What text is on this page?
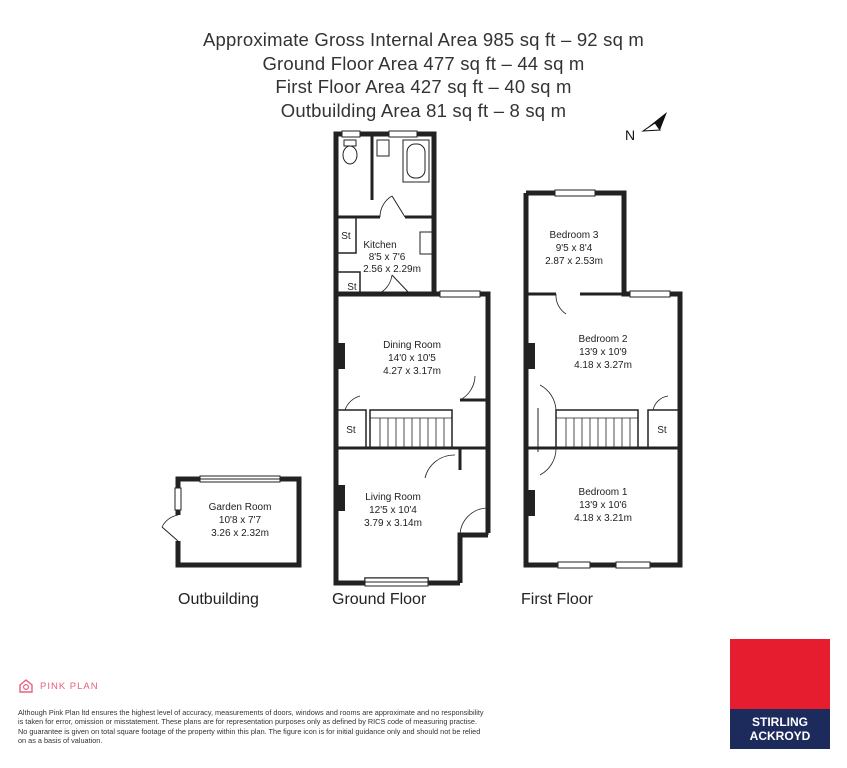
Approximate Gross Internal Area 985 sq ft – 92 sq m
Ground Floor Area 477 sq ft – 44 sq m
First Floor Area 427 sq ft – 40 sq m
Outbuilding Area 81 sq ft – 8 sq m
N
Kitchen
8'5 x 7'6
2.56 x 2.29m
Dining Room
14'0 x 10'5
4.27 x 3.17m
Living Room
12'5 x 10'4
3.79 x 3.14m
Garden Room
10'8 x 7'7
3.26 x 2.32m
Bedroom 3
9'5 x 8'4
2.87 x 2.53m
Bedroom 2
13'9 x 10'9
4.18 x 3.27m
Bedroom 1
13'9 x 10'6
4.18 x 3.21m
St
St
St	St
Outbuilding	Ground Floor	First Floor
PINK PLAN
Although Pink Plan ltd ensures the highest level of accuracy, measurements of doors, windows and rooms are approximate and no responsibility is taken for error, omission or misstatement. These plans are for representation purposes only as defined by RICS code of measuring practise. No guarantee is given on total square footage of the property within this plan. The figure icon is for initial guidance only and should not be relied on as a basis of valuation.
STIRLING
ACKROYD
